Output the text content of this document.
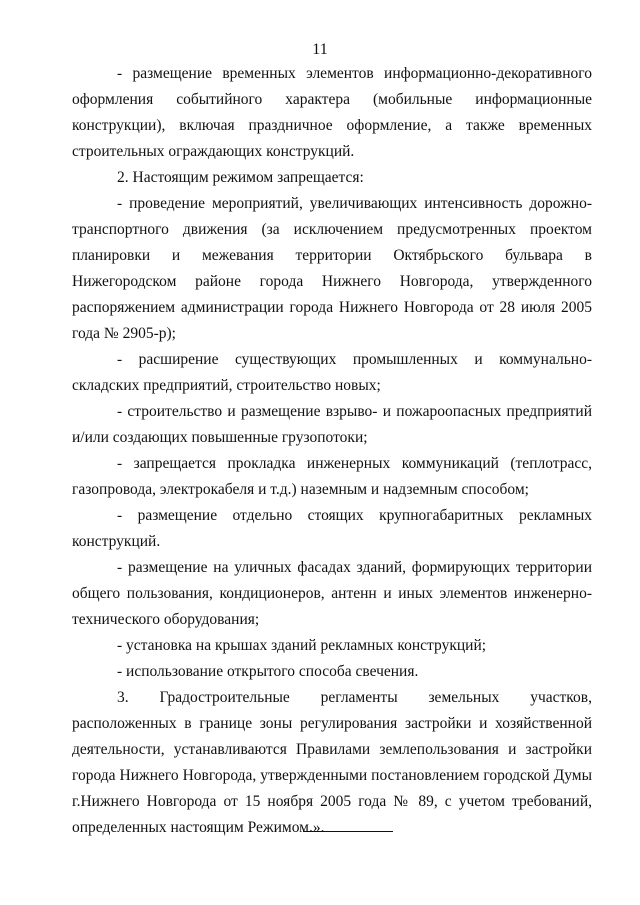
11

- размещение временных элементов информационно-декоративного оформления событийного характера (мобильные информационные конструкции), включая праздничное оформление, а также временных строительных ограждающих конструкций.

2. Настоящим режимом запрещается:

- проведение мероприятий, увеличивающих интенсивность дорожно-транспортного движения (за исключением предусмотренных проектом планировки и межевания территории Октябрьского бульвара в Нижегородском районе города Нижнего Новгорода, утвержденного распоряжением администрации города Нижнего Новгорода от 28 июля 2005 года № 2905-р);

- расширение существующих промышленных и коммунально-складских предприятий, строительство новых;

- строительство и размещение взрыво- и пожароопасных предприятий и/или создающих повышенные грузопотоки;

- запрещается прокладка инженерных коммуникаций (теплотрасс, газопровода, электрокабеля и т.д.) наземным и надземным способом;

- размещение отдельно стоящих крупногабаритных рекламных конструкций.

- размещение на уличных фасадах зданий, формирующих территории общего пользования, кондиционеров, антенн и иных элементов инженерно-технического оборудования;

- установка на крышах зданий рекламных конструкций;

- использование открытого способа свечения.

3. Градостроительные регламенты земельных участков, расположенных в границе зоны регулирования застройки и хозяйственной деятельности, устанавливаются Правилами землепользования и застройки города Нижнего Новгорода, утвержденными постановлением городской Думы г.Нижнего Новгорода от 15 ноября 2005 года № 89, с учетом требований, определенных настоящим Режимом.».
